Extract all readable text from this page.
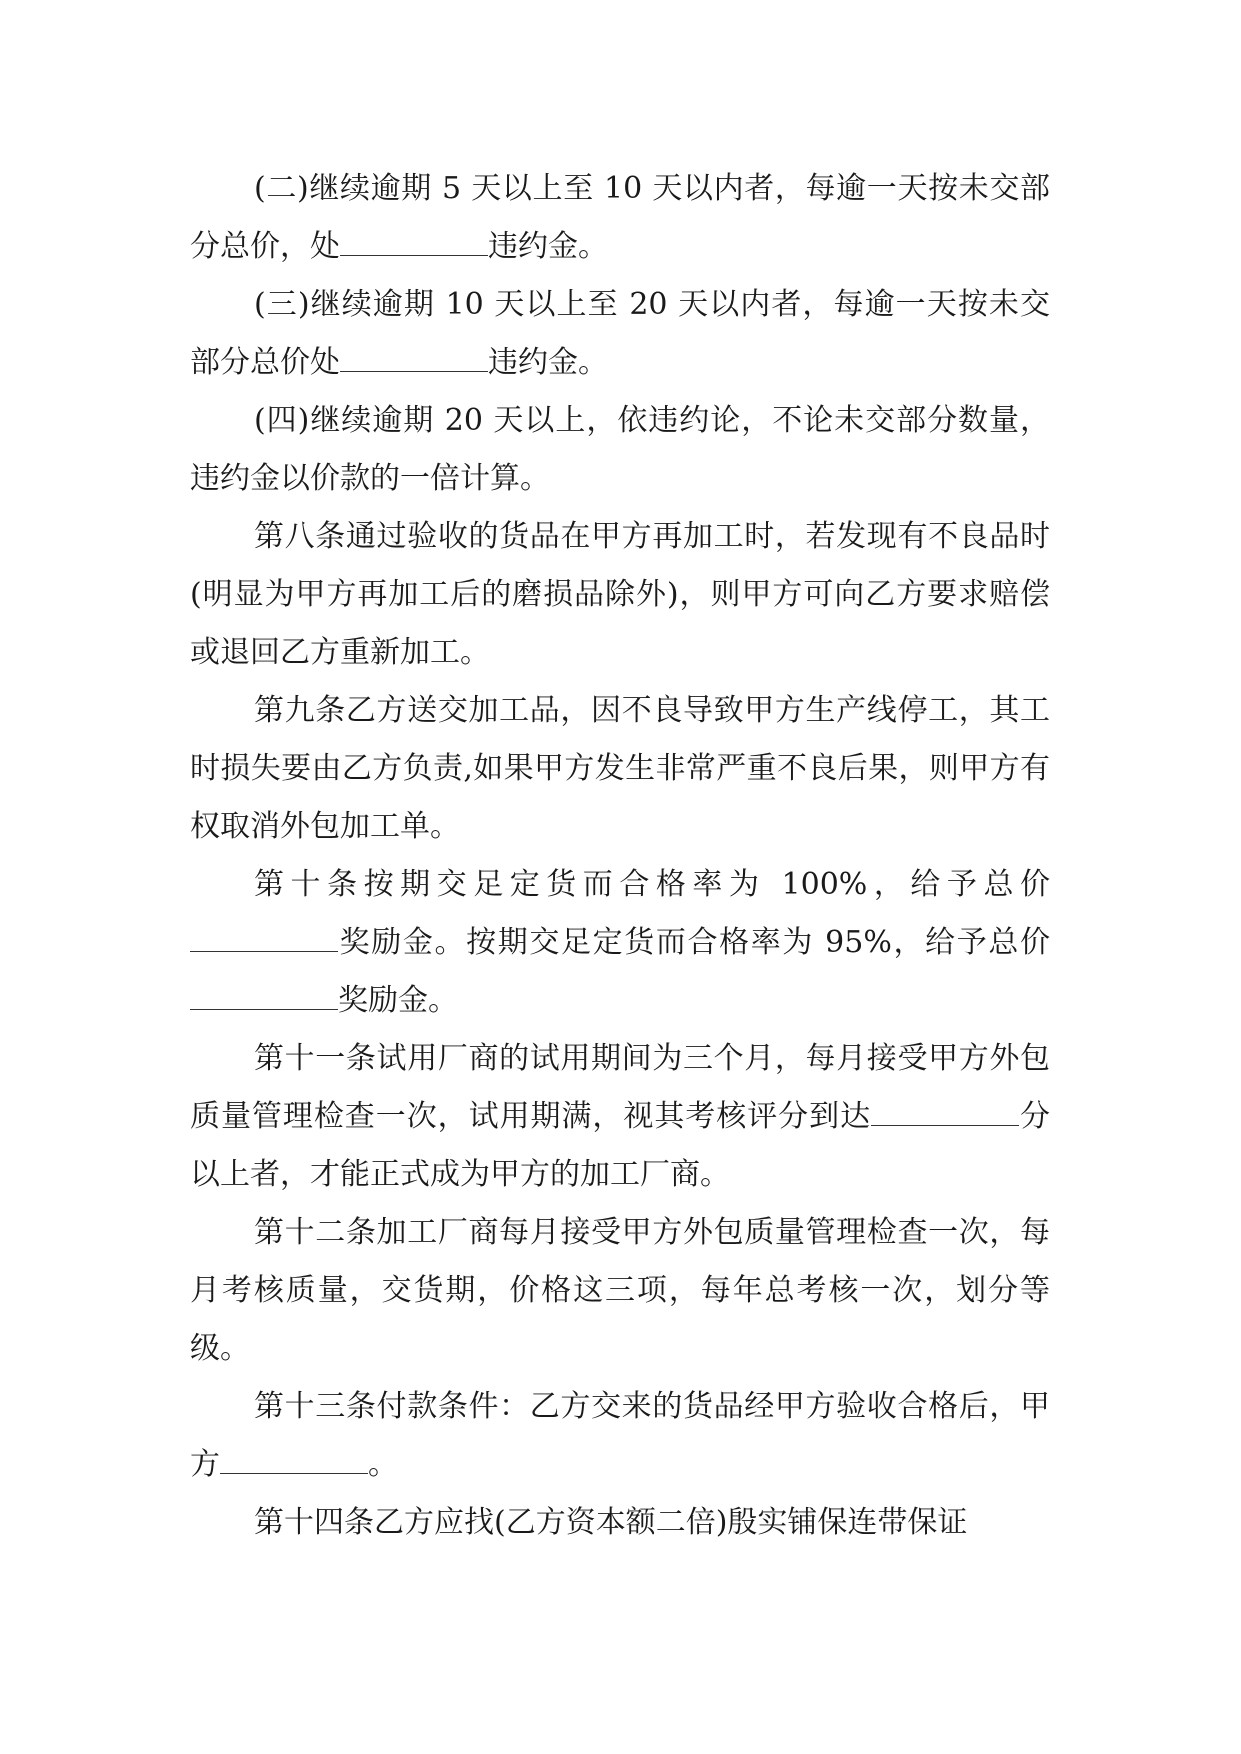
(二)继续逾期 5 天以上至 10 天以内者，每逾一天按未交部分总价，处	违约金。

(三)继续逾期 10 天以上至 20 天以内者，每逾一天按未交部分总价处	违约金。

(四)继续逾期 20 天以上，依违约论，不论未交部分数量，违约金以价款的一倍计算。

第八条通过验收的货品在甲方再加工时，若发现有不良品时(明显为甲方再加工后的磨损品除外)，则甲方可向乙方要求赔偿或退回乙方重新加工。

第九条乙方送交加工品，因不良导致甲方生产线停工，其工时损失要由乙方负责,如果甲方发生非常严重不良后果，则甲方有权取消外包加工单。

第十条按期交足定货而合格率为 100%，给予总价奖励金。按期交足定货而合格率为 95%，给予总价奖励金。

第十一条试用厂商的试用期间为三个月，每月接受甲方外包质量管理检查一次，试用期满，视其考核评分到达	分以上者，才能正式成为甲方的加工厂商。

第十二条加工厂商每月接受甲方外包质量管理检查一次，每月考核质量，交货期，价格这三项，每年总考核一次，划分等级。

第十三条付款条件：乙方交来的货品经甲方验收合格后，甲方	。

第十四条乙方应找(乙方资本额二倍)殷实铺保连带保证
